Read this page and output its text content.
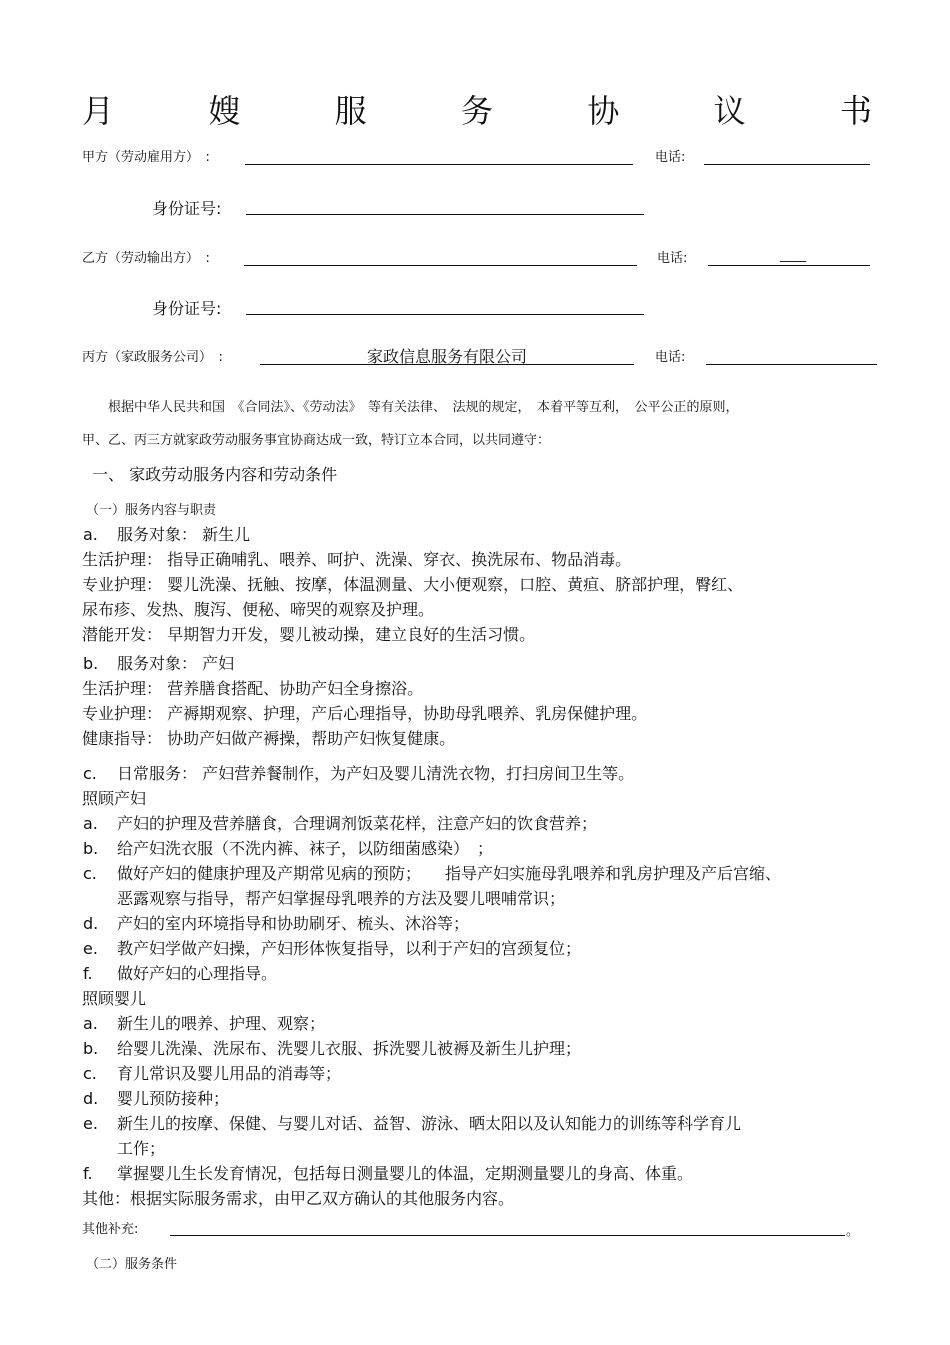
月	嫂	服	务	协	议	书
甲方（劳动雇用方）　:	电话:
身份证号:
乙方（劳动输出方）　:	电话:	____
身份证号:
丙方（家政服务公司）　:	家政信息服务有限公司	电话:
根据中华人民共和国　《合同法》、《劳动法》　等有关法律、　法规的规定，　本着平等互利，　公平公正的原则，
甲、乙、丙三方就家政劳动服务事宜协商达成一致，特订立本合同，以共同遵守：
一、 家政劳动服务内容和劳动条件
（一）服务内容与职责
a. 服务对象： 新生儿
生活护理： 指导正确哺乳、喂养、呵护、洗澡、穿衣、换洗尿布、物品消毒。
专业护理： 婴儿洗澡、抚触、按摩，体温测量、大小便观察，口腔、黄疸、脐部护理，臀红、
尿布疹、发热、腹泻、便秘、啼哭的观察及护理。
潜能开发： 早期智力开发，婴儿被动操，建立良好的生活习惯。
b. 服务对象： 产妇
生活护理： 营养膳食搭配、协助产妇全身擦浴。
专业护理： 产褥期观察、护理，产后心理指导，协助母乳喂养、乳房保健护理。
健康指导： 协助产妇做产褥操，帮助产妇恢复健康。
c. 日常服务： 产妇营养餐制作，为产妇及婴儿清洗衣物，打扫房间卫生等。
照顾产妇
a. 产妇的护理及营养膳食，合理调剂饭菜花样，注意产妇的饮食营养；
b. 给产妇洗衣服（不洗内裤、袜子，以防细菌感染）　；
c. 做好产妇的健康护理及产期常见病的预防；　　指导产妇实施母乳喂养和乳房护理及产后宫缩、
恶露观察与指导，帮产妇掌握母乳喂养的方法及婴儿喂哺常识；
d. 产妇的室内环境指导和协助刷牙、梳头、沐浴等；
e. 教产妇学做产妇操，产妇形体恢复指导，以利于产妇的宫颈复位；
f. 做好产妇的心理指导。
照顾婴儿
a. 新生儿的喂养、护理、观察；
b. 给婴儿洗澡、洗尿布、洗婴儿衣服、拆洗婴儿被褥及新生儿护理；
c. 育儿常识及婴儿用品的消毒等；
d. 婴儿预防接种；
e. 新生儿的按摩、保健、与婴儿对话、益智、游泳、晒太阳以及认知能力的训练等科学育儿
工作；
f. 掌握婴儿生长发育情况，包括每日测量婴儿的体温，定期测量婴儿的身高、体重。
其他：根据实际服务需求，由甲乙双方确认的其他服务内容。
其他补充:	。
（二）服务条件
